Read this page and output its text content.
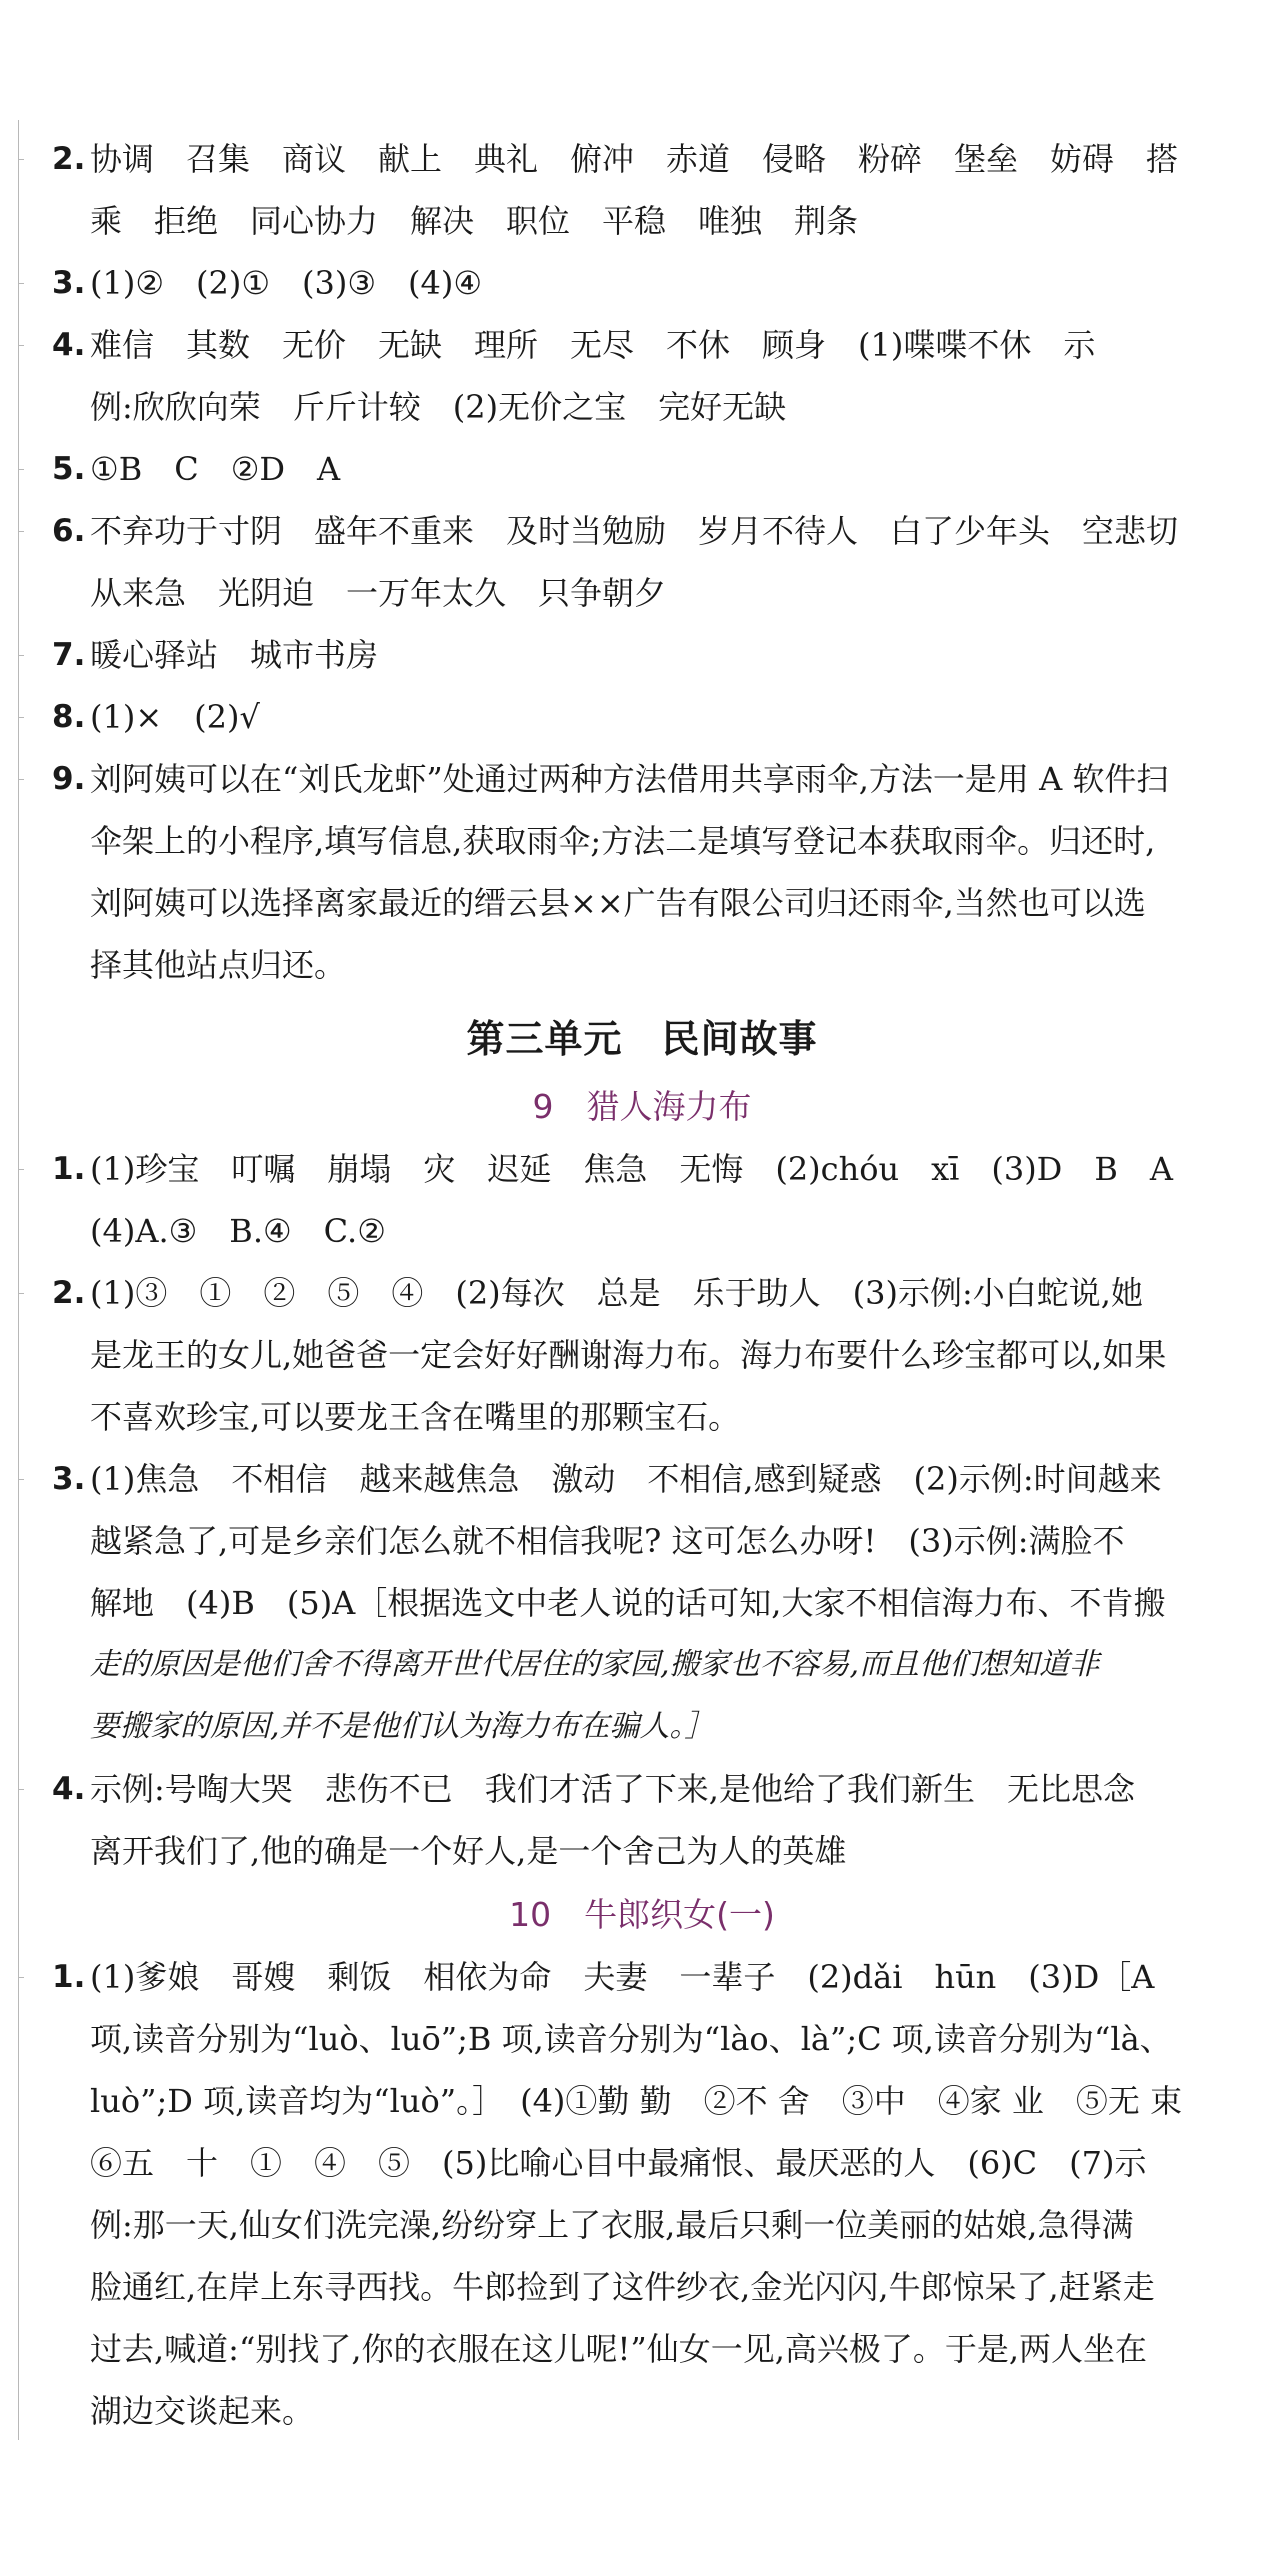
2. 协调　召集　商议　献上　典礼　俯冲　赤道　侵略　粉碎　堡垒　妨碍　搭
乘　拒绝　同心协力　解决　职位　平稳　唯独　荆条
3. (1)②　(2)①　(3)③　(4)④
4. 难信　其数　无价　无缺　理所　无尽　不休　顾身　(1)喋喋不休　示
例:欣欣向荣　斤斤计较　(2)无价之宝　完好无缺
5. ①B　C　②D　A
6. 不弃功于寸阴　盛年不重来　及时当勉励　岁月不待人　白了少年头　空悲切
从来急　光阴迫　一万年太久　只争朝夕
7. 暖心驿站　城市书房
8. (1)×　(2)√
9. 刘阿姨可以在“刘氏龙虾”处通过两种方法借用共享雨伞,方法一是用 A 软件扫
伞架上的小程序,填写信息,获取雨伞;方法二是填写登记本获取雨伞。归还时,
刘阿姨可以选择离家最近的缙云县××广告有限公司归还雨伞,当然也可以选
择其他站点归还。
第三单元　民间故事
9　猎人海力布
1. (1)珍宝　叮嘱　崩塌　灾　迟延　焦急　无悔　(2)chóu　xī　(3)D　B　A
(4)A.③　B.④　C.②
2. (1)③　①　②　⑤　④　(2)每次　总是　乐于助人　(3)示例:小白蛇说,她
是龙王的女儿,她爸爸一定会好好酬谢海力布。海力布要什么珍宝都可以,如果
不喜欢珍宝,可以要龙王含在嘴里的那颗宝石。
3. (1)焦急　不相信　越来越焦急　激动　不相信,感到疑惑　(2)示例:时间越来
越紧急了,可是乡亲们怎么就不相信我呢? 这可怎么办呀!　(3)示例:满脸不
解地　(4)B　(5)A［根据选文中老人说的话可知,大家不相信海力布、不肯搬
走的原因是他们舍不得离开世代居住的家园,搬家也不容易,而且他们想知道非
要搬家的原因,并不是他们认为海力布在骗人。］
4. 示例:号啕大哭　悲伤不已　我们才活了下来,是他给了我们新生　无比思念
离开我们了,他的确是一个好人,是一个舍己为人的英雄
10　牛郎织女(一)
1. (1)爹娘　哥嫂　剩饭　相依为命　夫妻　一辈子　(2)dǎi　hūn　(3)D［A
项,读音分别为“luò、luō”;B 项,读音分别为“lào、là”;C 项,读音分别为“là、
luò”;D 项,读音均为“luò”。］　(4)①勤 勤　②不 舍　③中　④家 业　⑤无 束
⑥五　十　①　④　⑤　(5)比喻心目中最痛恨、最厌恶的人　(6)C　(7)示
例:那一天,仙女们洗完澡,纷纷穿上了衣服,最后只剩一位美丽的姑娘,急得满
脸通红,在岸上东寻西找。牛郎捡到了这件纱衣,金光闪闪,牛郎惊呆了,赶紧走
过去,喊道:“别找了,你的衣服在这儿呢!”仙女一见,高兴极了。于是,两人坐在
湖边交谈起来。
